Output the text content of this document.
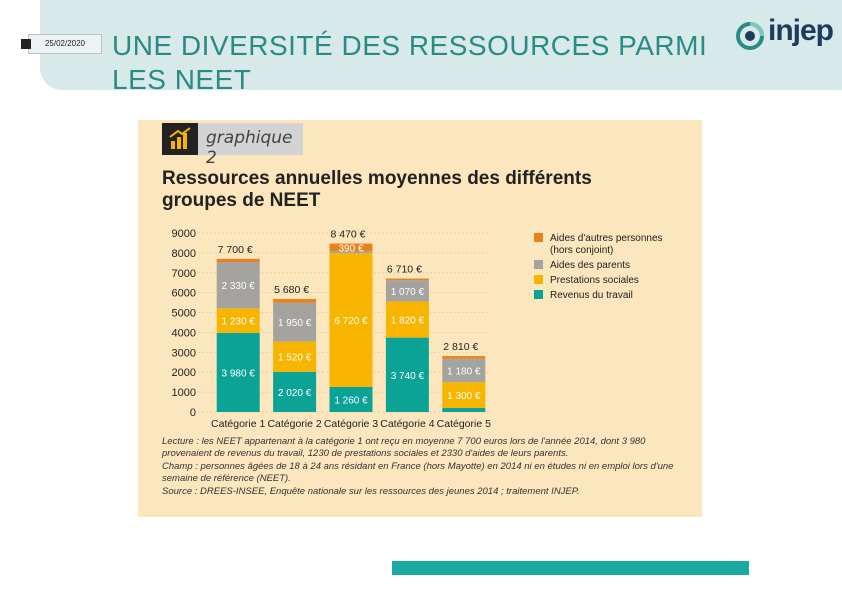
25/02/2020 UNE DIVERSITÉ DES RESSOURCES PARMI LES NEET
injep
graphique 2
Ressources annuelles moyennes des différents groupes de NEET
0
1000
2000
3000
4000
5000
6000
7000
8000
9000
3 980 €
1 230 €
2 330 €
7 700 €
Catégorie 1
2 020 €
1 520 €
1 950 €
5 680 €
Catégorie 2
1 260 €
6 720 €
390 €
8 470 €
Catégorie 3
3 740 €
1 820 €
1 070 €
6 710 €
Catégorie 4
1 300 €
1 180 €
2 810 €
Catégorie 5
Aides d'autres personnes
(hors conjoint)
Aides des parents
Prestations sociales
Revenus du travail

Lecture : les NEET appartenant à la catégorie 1 ont reçu en moyenne 7 700 euros lors de l'année 2014, dont 3 980 provenaient de revenus du travail, 1230 de prestations sociales et 2330 d'aides de leurs parents.

Champ : personnes âgées de 18 à 24 ans résidant en France (hors Mayotte) en 2014 ni en études ni en emploi lors d'une semaine de référence (NEET).

Source : DREES-INSEE, Enquête nationale sur les ressources des jeunes 2014 ; traitement INJEP.
